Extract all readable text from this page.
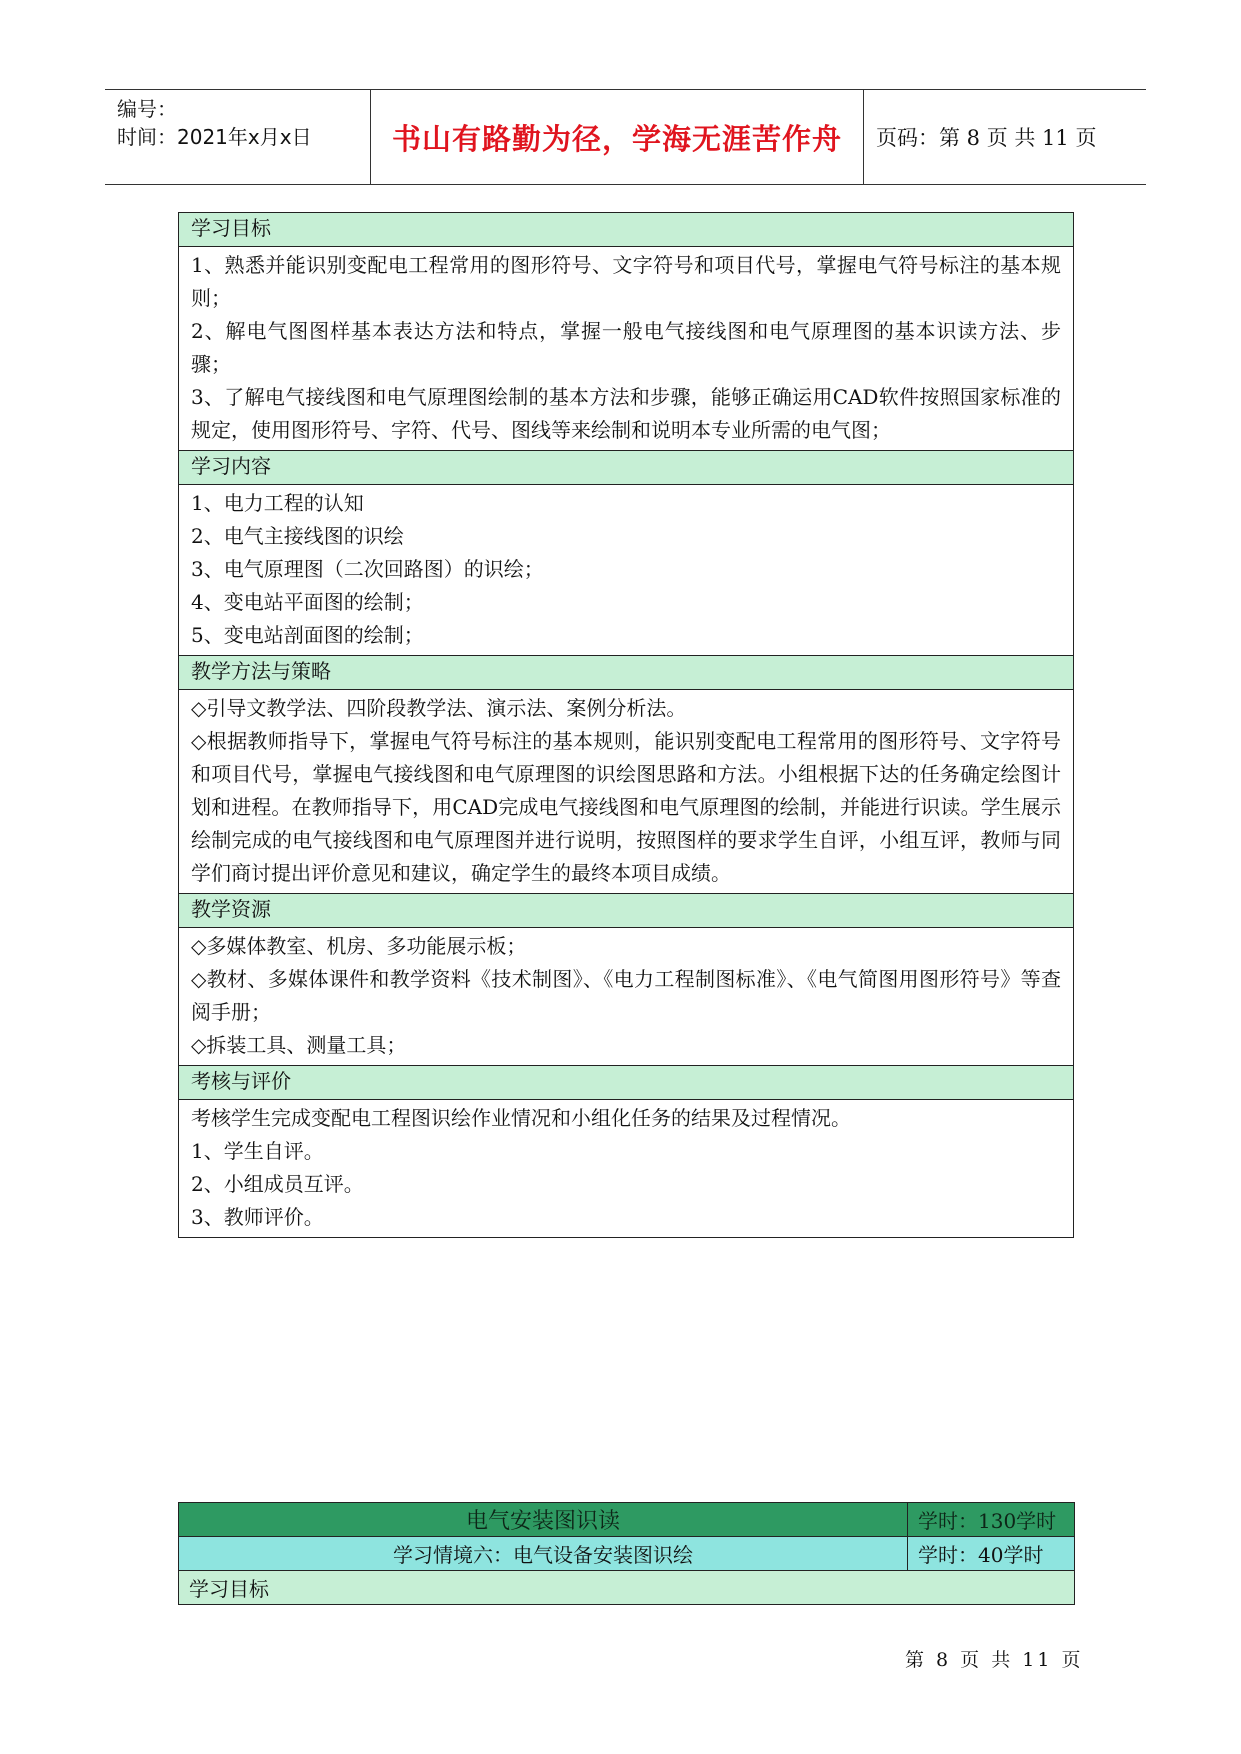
编号：
时间：2021年x月x日	书山有路勤为径，学海无涯苦作舟	页码：第 8 页 共 11 页
学习目标

1、熟悉并能识别变配电工程常用的图形符号、文字符号和项目代号，掌握电气符号标注的基本规则；

2、解电气图图样基本表达方法和特点，掌握一般电气接线图和电气原理图的基本识读方法、步骤；

3、了解电气接线图和电气原理图绘制的基本方法和步骤，能够正确运用CAD软件按照国家标准的规定，使用图形符号、字符、代号、图线等来绘制和说明本专业所需的电气图；

学习内容

1、电力工程的认知

2、电气主接线图的识绘

3、电气原理图（二次回路图）的识绘；

4、变电站平面图的绘制；

5、变电站剖面图的绘制；

教学方法与策略

◇引导文教学法、四阶段教学法、演示法、案例分析法。

◇根据教师指导下，掌握电气符号标注的基本规则，能识别变配电工程常用的图形符号、文字符号和项目代号，掌握电气接线图和电气原理图的识绘图思路和方法。小组根据下达的任务确定绘图计划和进程。在教师指导下，用CAD完成电气接线图和电气原理图的绘制，并能进行识读。学生展示绘制完成的电气接线图和电气原理图并进行说明，按照图样的要求学生自评，小组互评，教师与同学们商讨提出评价意见和建议，确定学生的最终本项目成绩。

教学资源

◇多媒体教室、机房、多功能展示板；

◇教材、多媒体课件和教学资料《技术制图》、《电力工程制图标准》、《电气简图用图形符号》等查阅手册；

◇拆装工具、测量工具；

考核与评价

考核学生完成变配电工程图识绘作业情况和小组化任务的结果及过程情况。

1、学生自评。

2、小组成员互评。

3、教师评价。

电气安装图识读	学时：130学时
学习情境六：电气设备安装图识绘	学时：40学时
学习目标	
第 8 页 共 11 页
